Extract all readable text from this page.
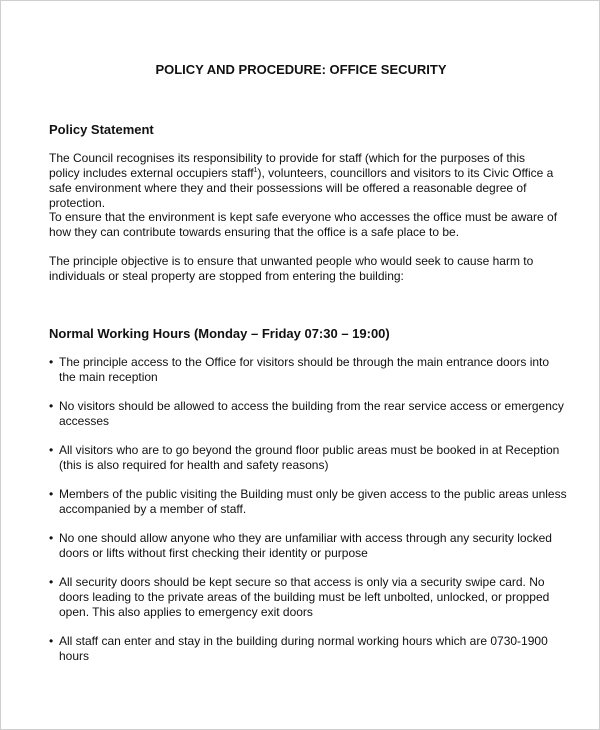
POLICY AND PROCEDURE: OFFICE SECURITY
Policy Statement

The Council recognises its responsibility to provide for staff (which for the purposes of this policy includes external occupiers staff$^1$), volunteers, councillors and visitors to its Civic Office a safe environment where they and their possessions will be offered a reasonable degree of protection.

To ensure that the environment is kept safe everyone who accesses the office must be aware of how they can contribute towards ensuring that the office is a safe place to be.

The principle objective is to ensure that unwanted people who would seek to cause harm to individuals or steal property are stopped from entering the building:

Normal Working Hours (Monday – Friday 07:30 – 19:00)
• The principle access to the Office for visitors should be through the main entrance doors into the main reception
• No visitors should be allowed to access the building from the rear service access or emergency accesses
• All visitors who are to go beyond the ground floor public areas must be booked in at Reception (this is also required for health and safety reasons)
• Members of the public visiting the Building must only be given access to the public areas unless accompanied by a member of staff.
• No one should allow anyone who they are unfamiliar with access through any security locked doors or lifts without first checking their identity or purpose
• All security doors should be kept secure so that access is only via a security swipe card. No doors leading to the private areas of the building must be left unbolted, unlocked, or propped open. This also applies to emergency exit doors
• All staff can enter and stay in the building during normal working hours which are 0730-1900 hours
